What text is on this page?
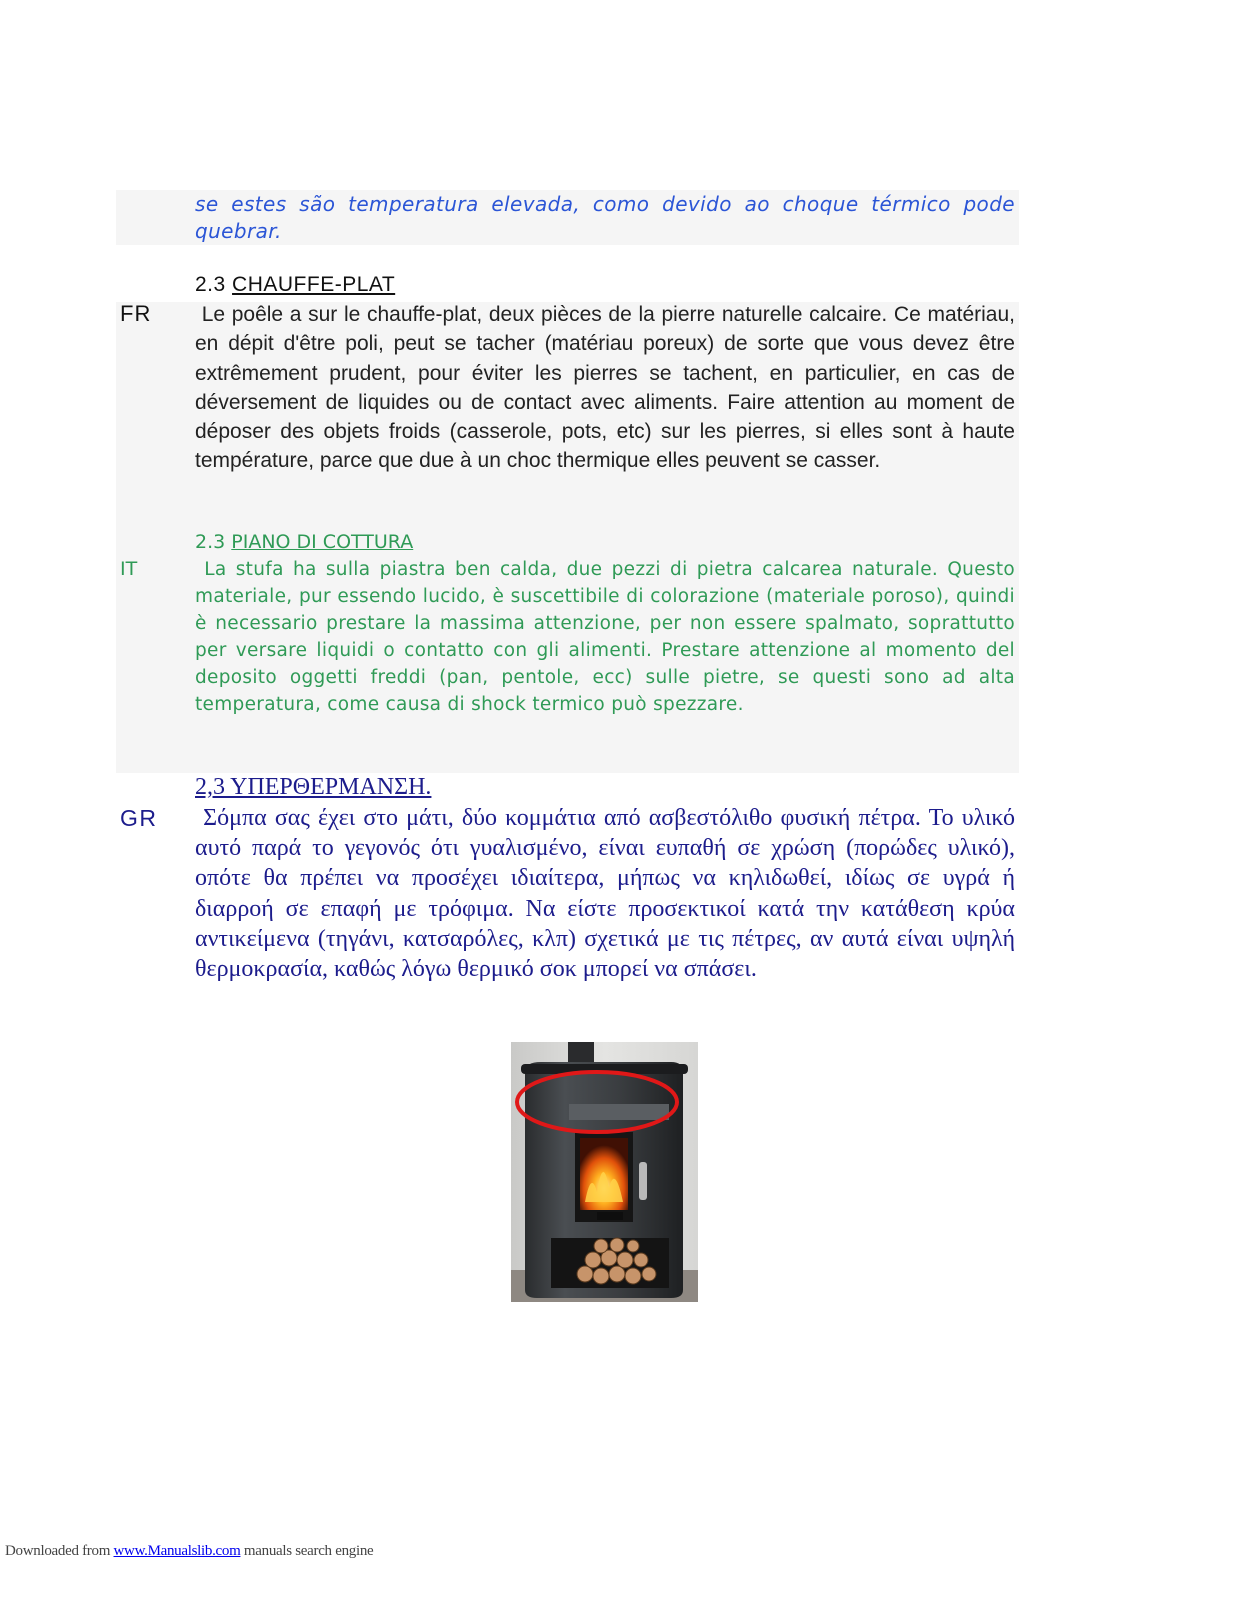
se estes são temperatura elevada, como devido ao choque térmico pode quebrar.

2.3 CHAUFFE-PLAT
FR	Le poêle a sur le chauffe-plat, deux pièces de la pierre naturelle calcaire. Ce matériau, en dépit d'être poli, peut se tacher (matériau poreux) de sorte que vous devez être extrêmement prudent, pour éviter les pierres se tachent, en particulier, en cas de déversement de liquides ou de contact avec aliments. Faire attention au moment de déposer des objets froids (casserole, pots, etc) sur les pierres, si elles sont à haute température, parce que due à un choc thermique elles peuvent se casser.

2.3 PIANO DI COTTURA
IT	La stufa ha sulla piastra ben calda, due pezzi di pietra calcarea naturale. Questo materiale, pur essendo lucido, è suscettibile di colorazione (materiale poroso), quindi è necessario prestare la massima attenzione, per non essere spalmato, soprattutto per versare liquidi o contatto con gli alimenti. Prestare attenzione al momento del deposito oggetti freddi (pan, pentole, ecc) sulle pietre, se questi sono ad alta temperatura, come causa di shock termico può spezzare.

2,3 ΥΠΕΡΘΕΡΜΑΝΣΗ.
GR	Σόμπα σας έχει στο μάτι, δύο κομμάτια από ασβεστόλιθο φυσική πέτρα. Το υλικό αυτό παρά το γεγονός ότι γυαλισμένο, είναι ευπαθή σε χρώση (πορώδες υλικό), οπότε θα πρέπει να προσέχει ιδιαίτερα, μήπως να κηλιδωθεί, ιδίως σε υγρά ή διαρροή σε επαφή με τρόφιμα. Να είστε προσεκτικοί κατά την κατάθεση κρύα αντικείμενα (τηγάνι, κατσαρόλες, κλπ) σχετικά με τις πέτρες, αν αυτά είναι υψηλή θερμοκρασία, καθώς λόγω θερμικό σοκ μπορεί να σπάσει.

Downloaded from www.Manualslib.com manuals search engine
